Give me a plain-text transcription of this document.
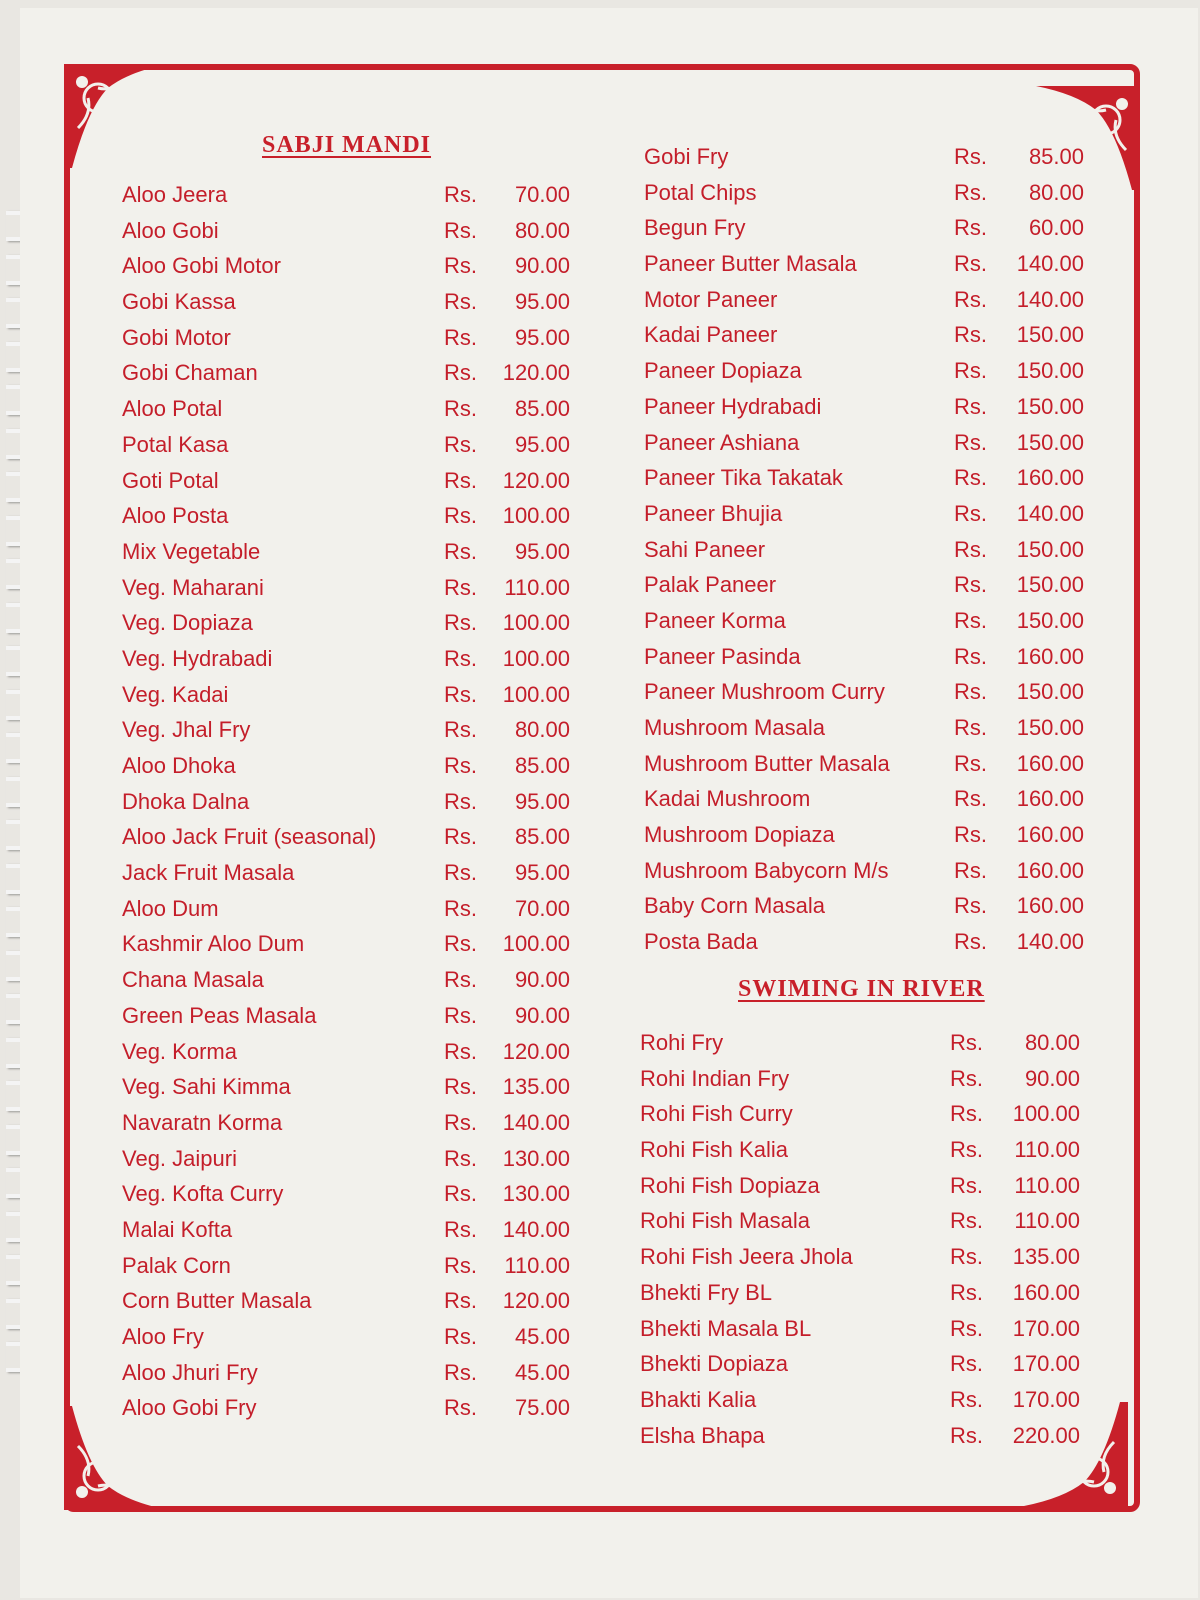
SABJI MANDI
Aloo Jeera	Rs.	70.00
Aloo Gobi	Rs.	80.00
Aloo Gobi Motor	Rs.	90.00
Gobi Kassa	Rs.	95.00
Gobi Motor	Rs.	95.00
Gobi Chaman	Rs.	120.00
Aloo Potal	Rs.	85.00
Potal Kasa	Rs.	95.00
Goti Potal	Rs.	120.00
Aloo Posta	Rs.	100.00
Mix Vegetable	Rs.	95.00
Veg. Maharani	Rs.	110.00
Veg. Dopiaza	Rs.	100.00
Veg. Hydrabadi	Rs.	100.00
Veg. Kadai	Rs.	100.00
Veg. Jhal Fry	Rs.	80.00
Aloo Dhoka	Rs.	85.00
Dhoka Dalna	Rs.	95.00
Aloo Jack Fruit (seasonal)	Rs.	85.00
Jack Fruit Masala	Rs.	95.00
Aloo Dum	Rs.	70.00
Kashmir Aloo Dum	Rs.	100.00
Chana Masala	Rs.	90.00
Green Peas Masala	Rs.	90.00
Veg. Korma	Rs.	120.00
Veg. Sahi Kimma	Rs.	135.00
Navaratn Korma	Rs.	140.00
Veg. Jaipuri	Rs.	130.00
Veg. Kofta Curry	Rs.	130.00
Malai Kofta	Rs.	140.00
Palak Corn	Rs.	110.00
Corn Butter Masala	Rs.	120.00
Aloo Fry	Rs.	45.00
Aloo Jhuri Fry	Rs.	45.00
Aloo Gobi Fry	Rs.	75.00
Gobi Fry	Rs.	85.00
Potal Chips	Rs.	80.00
Begun Fry	Rs.	60.00
Paneer Butter Masala	Rs.	140.00
Motor Paneer	Rs.	140.00
Kadai Paneer	Rs.	150.00
Paneer Dopiaza	Rs.	150.00
Paneer Hydrabadi	Rs.	150.00
Paneer Ashiana	Rs.	150.00
Paneer Tika Takatak	Rs.	160.00
Paneer Bhujia	Rs.	140.00
Sahi Paneer	Rs.	150.00
Palak Paneer	Rs.	150.00
Paneer Korma	Rs.	150.00
Paneer Pasinda	Rs.	160.00
Paneer Mushroom Curry	Rs.	150.00
Mushroom Masala	Rs.	150.00
Mushroom Butter Masala	Rs.	160.00
Kadai Mushroom	Rs.	160.00
Mushroom Dopiaza	Rs.	160.00
Mushroom Babycorn M/s	Rs.	160.00
Baby Corn Masala	Rs.	160.00
Posta Bada	Rs.	140.00
SWIMING IN RIVER
Rohi Fry	Rs.	80.00
Rohi Indian Fry	Rs.	90.00
Rohi Fish Curry	Rs.	100.00
Rohi Fish Kalia	Rs.	110.00
Rohi Fish Dopiaza	Rs.	110.00
Rohi Fish Masala	Rs.	110.00
Rohi Fish Jeera Jhola	Rs.	135.00
Bhekti Fry BL	Rs.	160.00
Bhekti Masala BL	Rs.	170.00
Bhekti Dopiaza	Rs.	170.00
Bhakti Kalia	Rs.	170.00
Elsha Bhapa	Rs.	220.00
